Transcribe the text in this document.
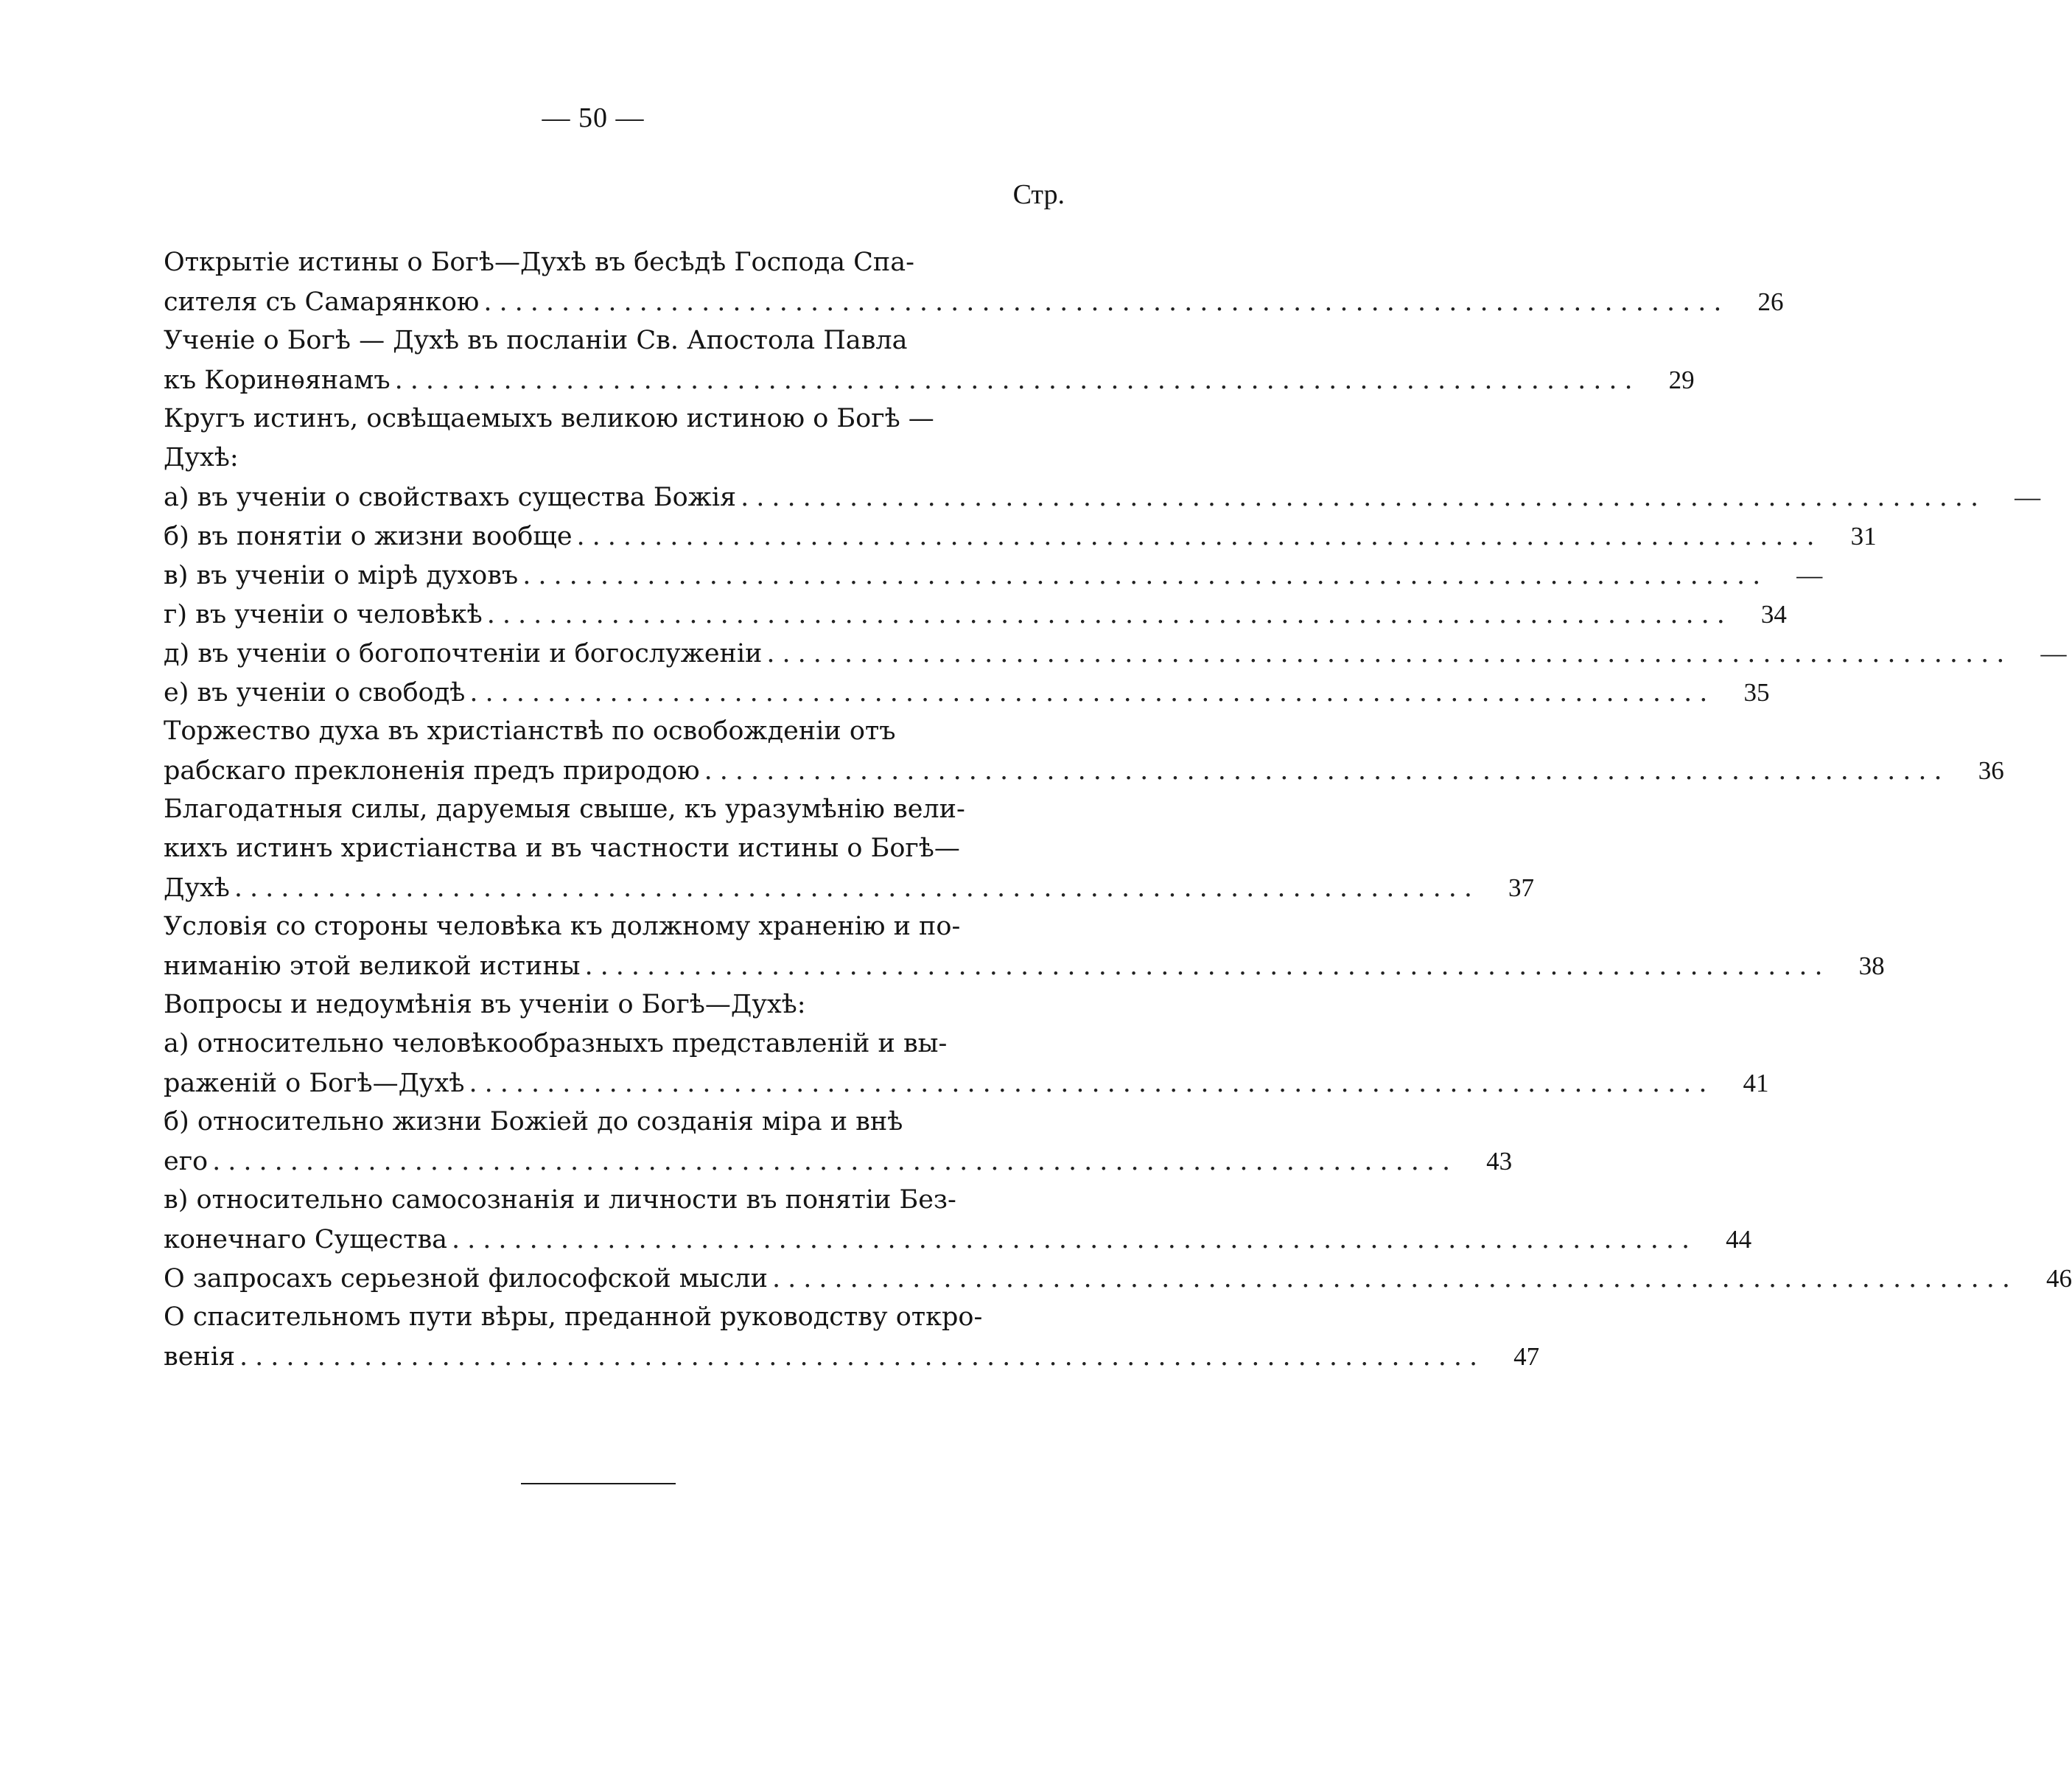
— 50 —
Стр.
Открытіе истины о Богѣ—Духѣ въ бесѣдѣ Господа Спа-
сителя съ Самарянкою ................................................................................	26
Ученіе о Богѣ — Духѣ въ посланіи Св. Апостола Павла
къ Коринѳянамъ ................................................................................	29
Кругъ истинъ, освѣщаемыхъ великою истиною о Богѣ —
Духѣ:
а) въ ученіи о свойствахъ существа Божія ................................................................................	—
б) въ понятіи о жизни вообще ................................................................................	31
в) въ ученіи о мірѣ духовъ ................................................................................	—
г) въ ученіи о человѣкѣ ................................................................................	34
д) въ ученіи о богопочтеніи и богослуженіи ................................................................................	—
е) въ ученіи о свободѣ ................................................................................	35
Торжество духа въ христіанствѣ по освобожденіи отъ
рабскаго преклоненія предъ природою ................................................................................	36
Благодатныя силы, даруемыя свыше, къ уразумѣнію вели-
кихъ истинъ христіанства и въ частности истины о Богѣ—
Духѣ ................................................................................	37
Условія со стороны человѣка къ должному храненію и по-
ниманію этой великой истины ................................................................................	38
Вопросы и недоумѣнія въ ученіи о Богѣ—Духѣ:
а) относительно человѣкообразныхъ представленій и вы-
раженій о Богѣ—Духѣ ................................................................................	41
б) относительно жизни Божіей до созданія міра и внѣ
его ................................................................................	43
в) относительно самосознанія и личности въ понятіи Без-
конечнаго Существа ................................................................................	44
О запросахъ серьезной философской мысли ................................................................................	46
О спасительномъ пути вѣры, преданной руководству откро-
венія ................................................................................	47
